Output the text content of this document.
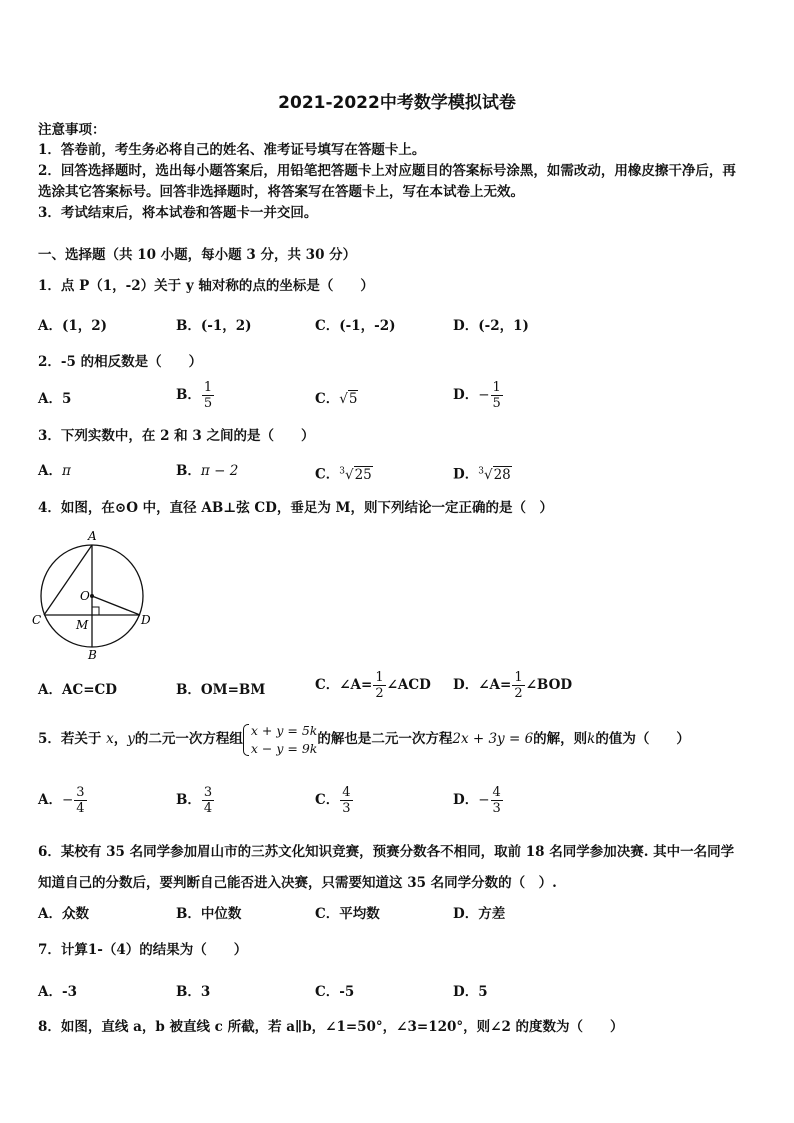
2021-2022中考数学模拟试卷
注意事项：
1．答卷前，考生务必将自己的姓名、准考证号填写在答题卡上。
2．回答选择题时，选出每小题答案后，用铅笔把答题卡上对应题目的答案标号涂黑，如需改动，用橡皮擦干净后，再
选涂其它答案标号。回答非选择题时，将答案写在答题卡上，写在本试卷上无效。
3．考试结束后，将本试卷和答题卡一并交回。
一、选择题（共 10 小题，每小题 3 分，共 30 分）
1．点 P（1，-2）关于 y 轴对称的点的坐标是（　　）
A．(1，2)	B．(-1，2)	C．(-1，-2)	D．(-2，1)
2．-5 的相反数是（　　）
A．5	B． $\frac{1}{5}$	C．√5	D．− $\frac{1}{5}$
3．下列实数中，在 2 和 3 之间的是（　　）
A．π	B．π − 2	C．$^3$√25	D．$^3$√28
4．如图，在⊙O 中，直径 AB⊥弦 CD，垂足为 M，则下列结论一定正确的是（　）
A
B
C	D
O
M
A．AC=CD	B．OM=BM	C．∠A= $\frac{1}{2}$ ∠ACD D．∠A= $\frac{1}{2}$ ∠BOD
5．若关于 x，y的二元一次方程组
x + y = 5k
x − y = 9k
的解也是二元一次方程2x + 3y = 6的解，则k的值为（　　）
A．− $\frac{3}{4}$	B． $\frac{3}{4}$	C． $\frac{4}{3}$	D．− $\frac{4}{3}$
6．某校有 35 名同学参加眉山市的三苏文化知识竞赛，预赛分数各不相同，取前 18 名同学参加决赛. 其中一名同学
知道自己的分数后，要判断自己能否进入决赛，只需要知道这 35 名同学分数的（　）.
A．众数	B．中位数	C．平均数	D．方差
7．计算1-（4）的结果为（　　）
A．-3	B．3	C．-5	D．5
8．如图，直线 a，b 被直线 c 所截，若 a∥b，∠1=50°，∠3=120°，则∠2 的度数为（　　）
